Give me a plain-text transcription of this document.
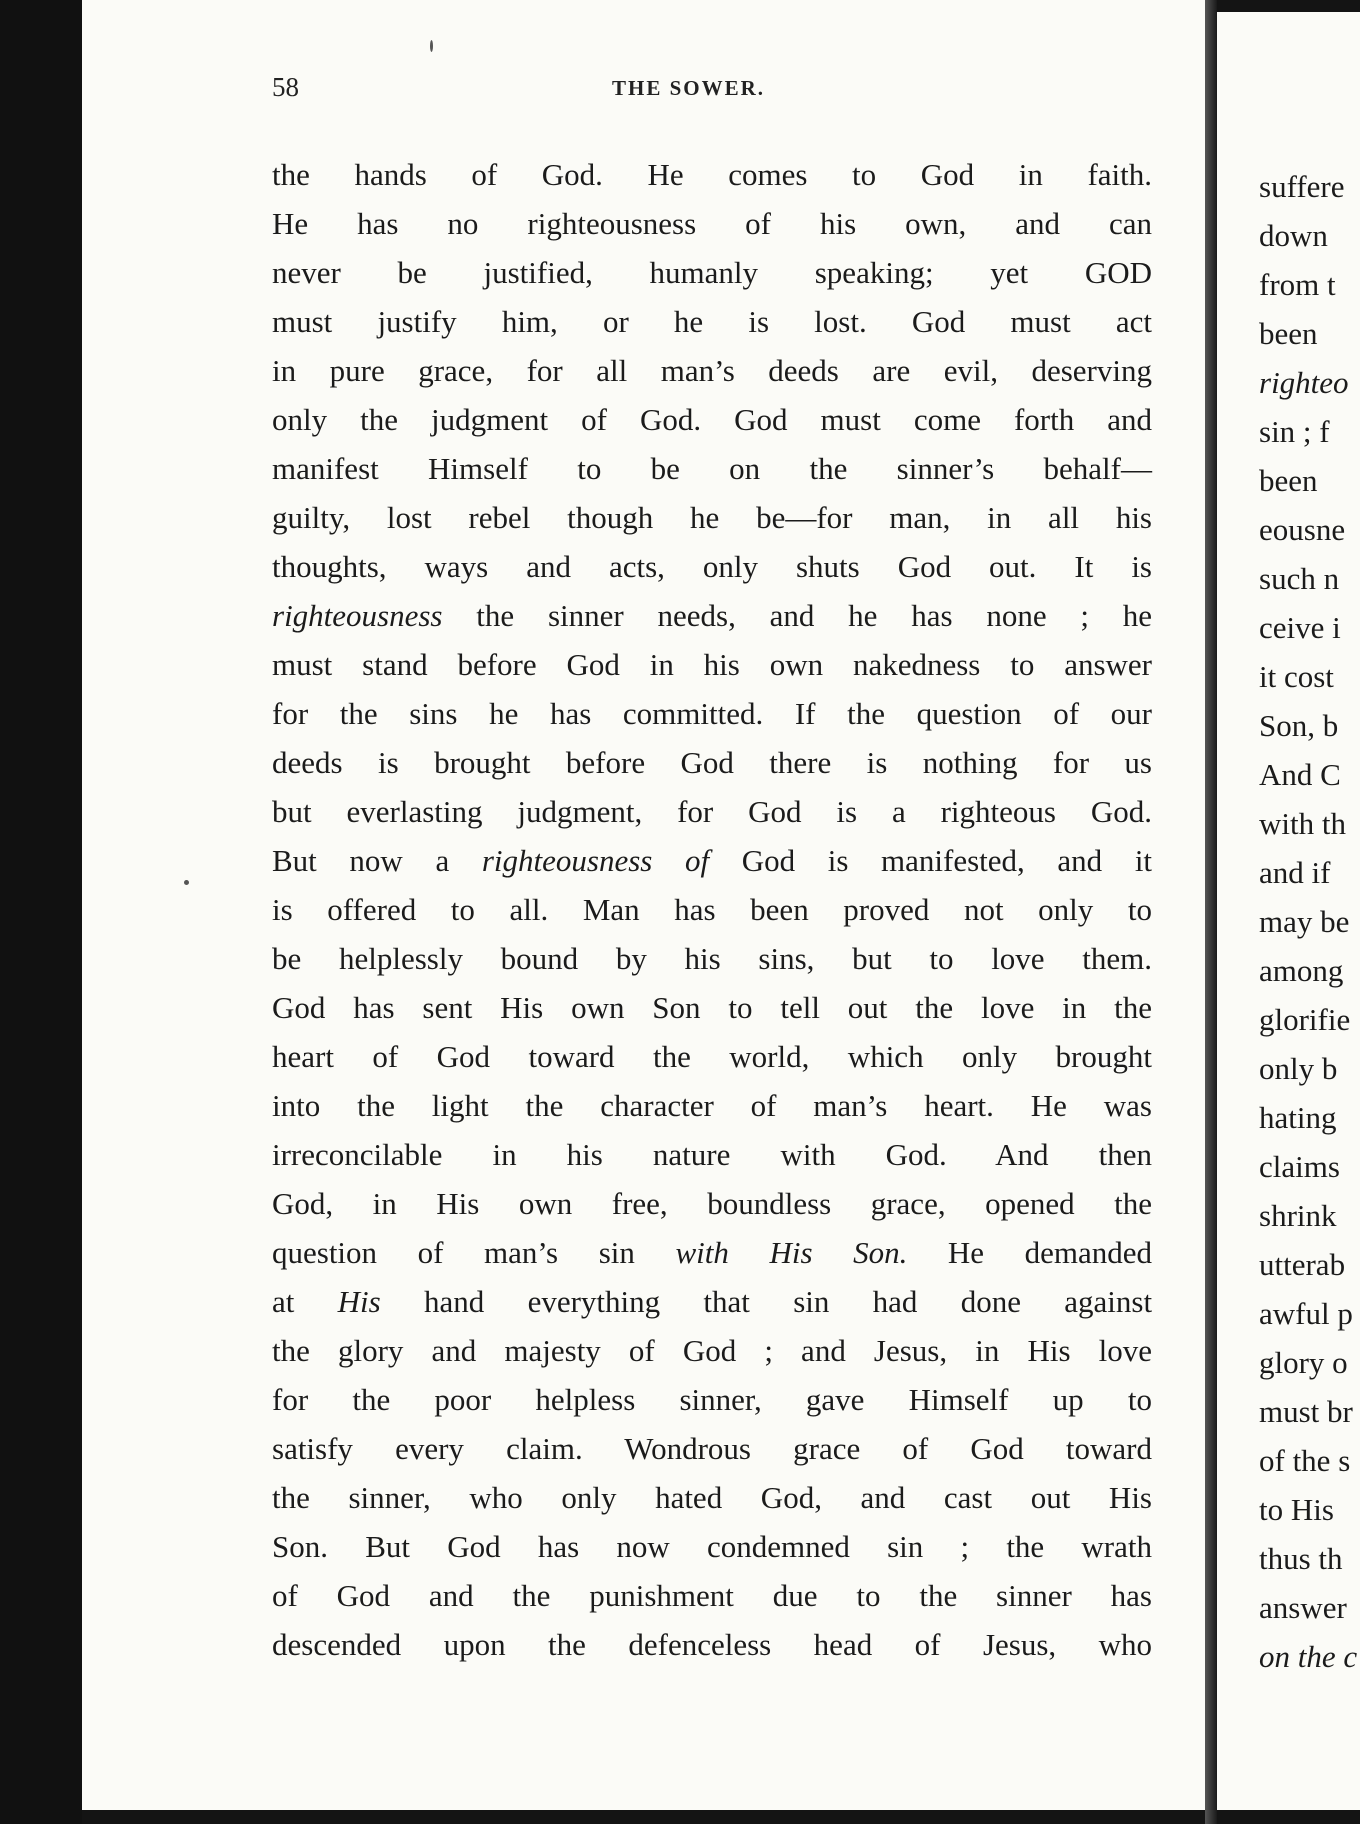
58	THE SOWER.
the hands of God. He comes to God in faith.
He has no righteousness of his own, and can
never be justified, humanly speaking; yet GOD
must justify him, or he is lost. God must act
in pure grace, for all man’s deeds are evil, deserving
only the judgment of God. God must come forth and
manifest Himself to be on the sinner’s behalf—
guilty, lost rebel though he be—for man, in all his
thoughts, ways and acts, only shuts God out. It is
righteousness the sinner needs, and he has none ; he
must stand before God in his own nakedness to answer
for the sins he has committed. If the question of our
deeds is brought before God there is nothing for us
but everlasting judgment, for God is a righteous God.
But now a righteousness of God is manifested, and it
is offered to all. Man has been proved not only to
be helplessly bound by his sins, but to love them.
God has sent His own Son to tell out the love in the
heart of God toward the world, which only brought
into the light the character of man’s heart. He was
irreconcilable in his nature with God. And then
God, in His own free, boundless grace, opened the
question of man’s sin with His Son. He demanded
at His hand everything that sin had done against
the glory and majesty of God ; and Jesus, in His love
for the poor helpless sinner, gave Himself up to
satisfy every claim. Wondrous grace of God toward
the sinner, who only hated God, and cast out His
Son. But God has now condemned sin ; the wrath
of God and the punishment due to the sinner has
descended upon the defenceless head of Jesus, who
suffere
down
from t
been
righteo
sin ; f
been
eousne
such n
ceive i
it cost
Son, b
And C
with th
and if
may be
among
glorifie
only b
hating
claims
shrink
utterab
awful p
glory o
must br
of the s
to His
thus th
answer
on the c
